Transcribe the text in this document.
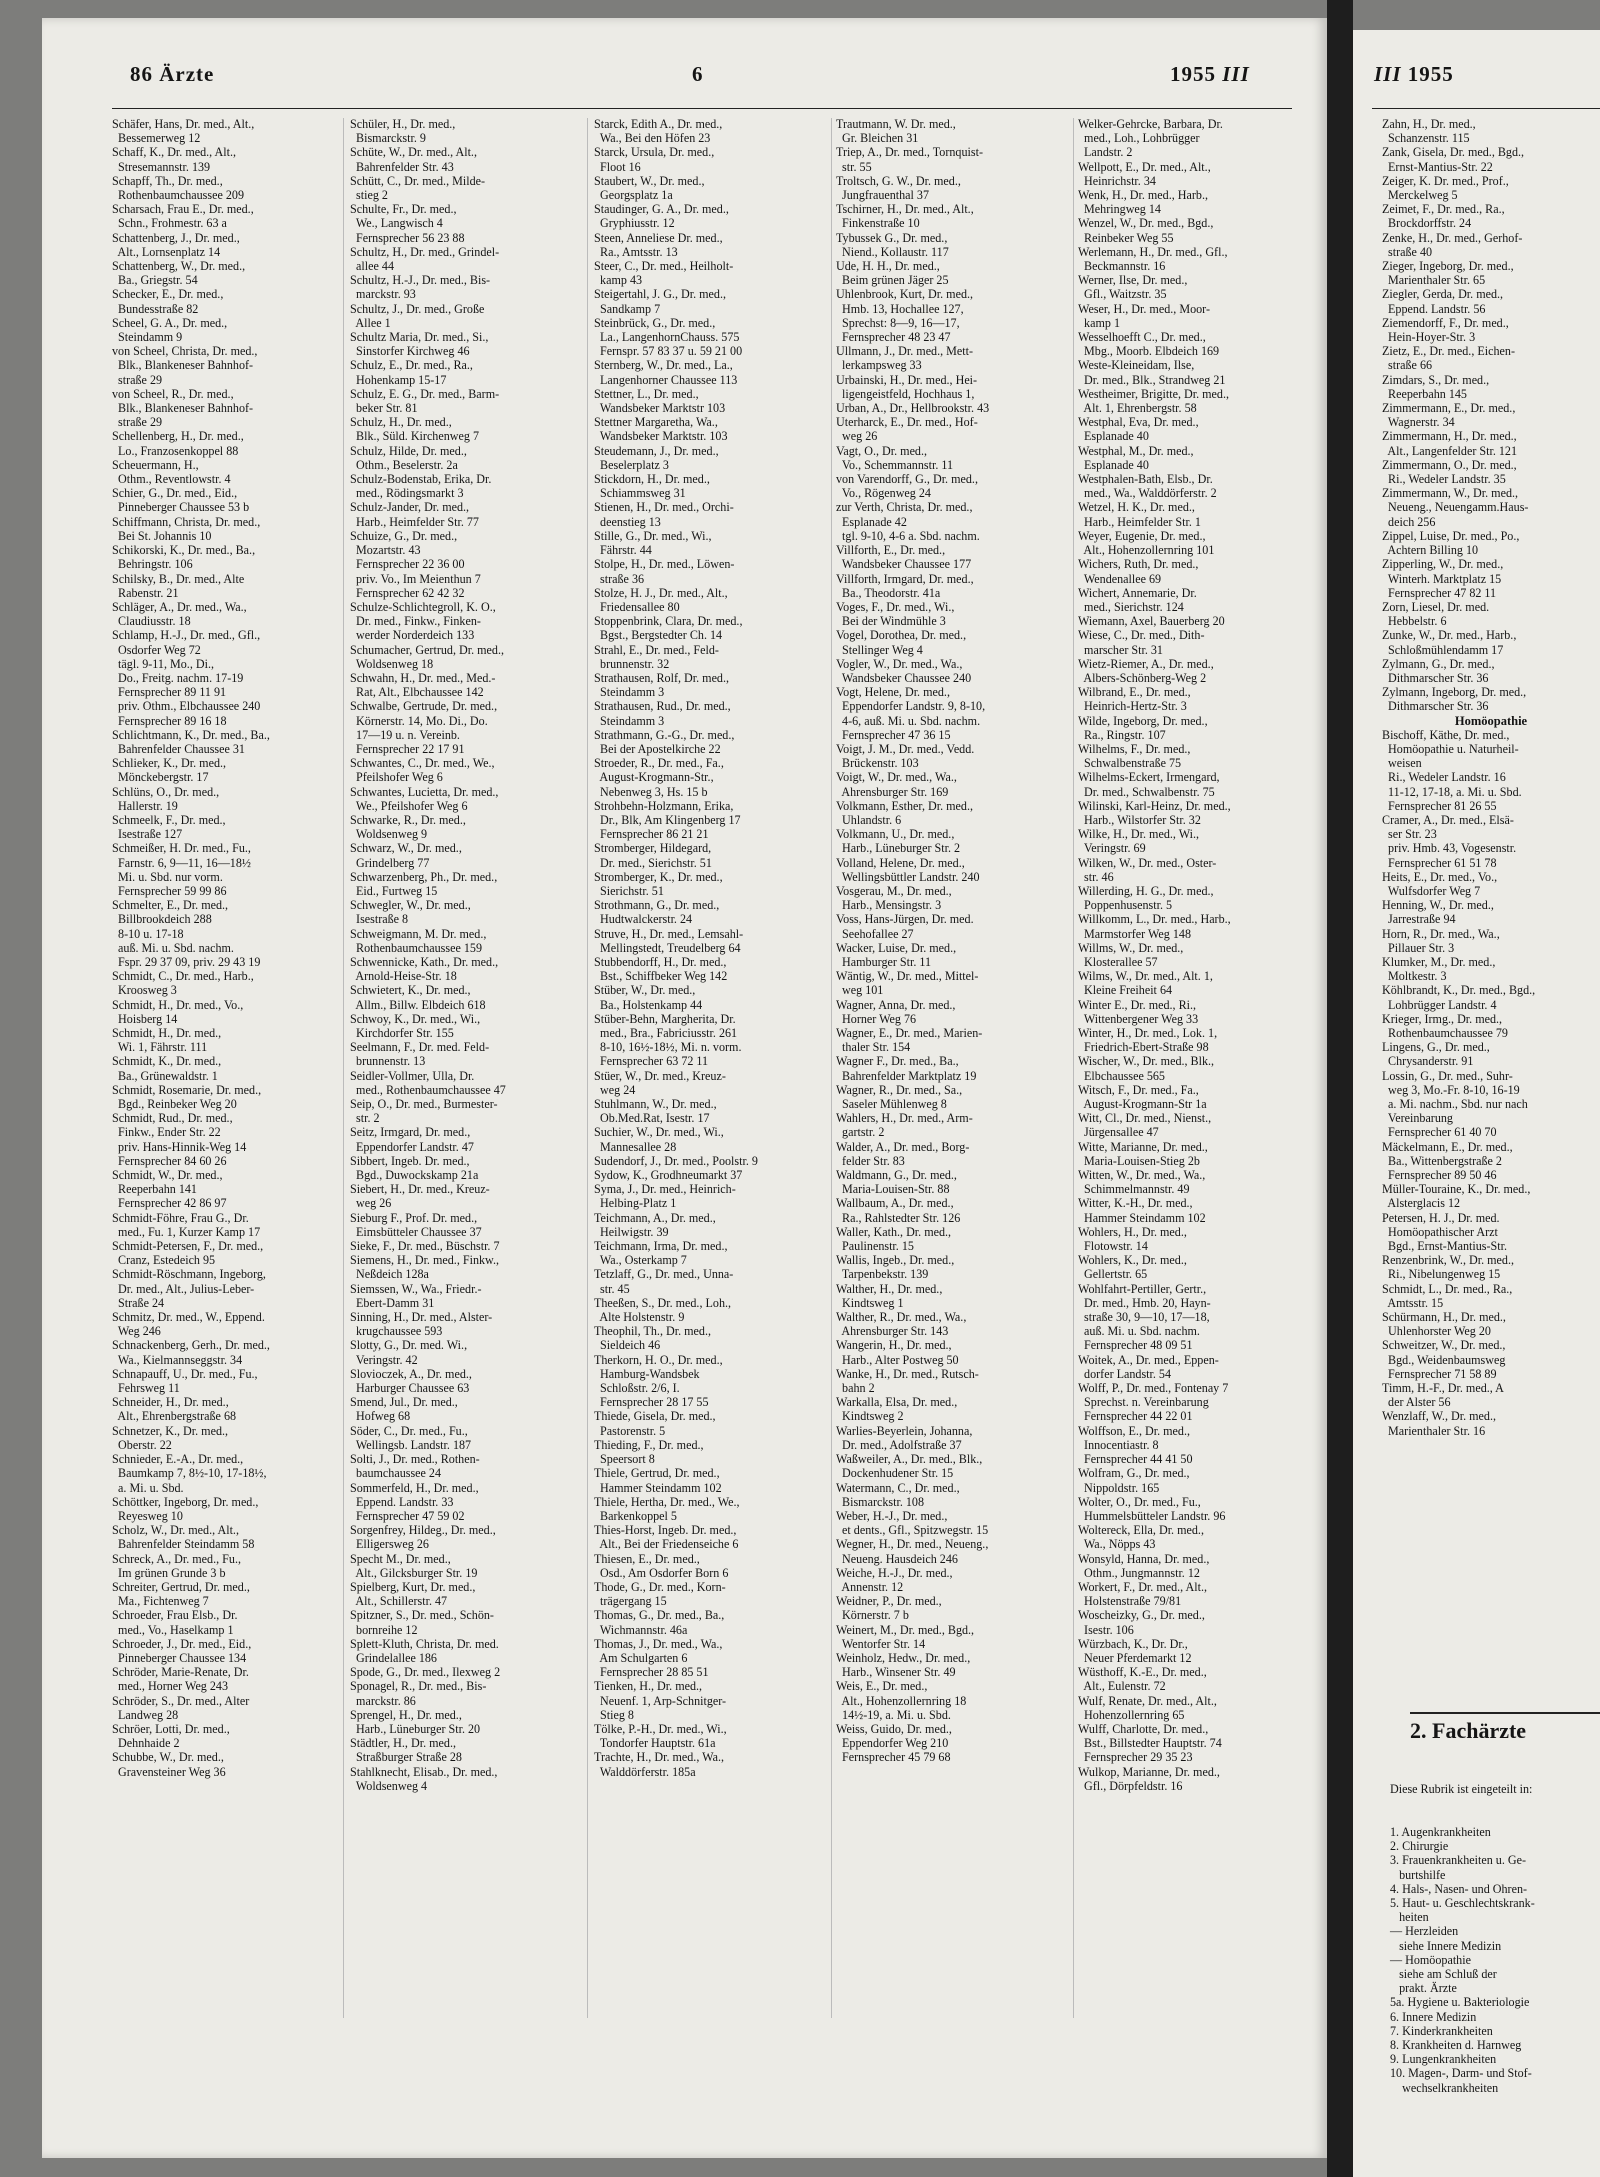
86 Ärzte	6	1955 III	III 1955
Schäfer, Hans, Dr. med., Alt.,
Bessemerweg 12
Schaff, K., Dr. med., Alt.,
Stresemannstr. 139
Schapff, Th., Dr. med.,
Rothenbaumchaussee 209
Scharsach, Frau E., Dr. med.,
Schn., Frohmestr. 63 a
Schattenberg, J., Dr. med.,
Alt., Lornsenplatz 14
Schattenberg, W., Dr. med.,
Ba., Griegstr. 54
Schecker, E., Dr. med.,
Bundesstraße 82
Scheel, G. A., Dr. med.,
Steindamm 9
von Scheel, Christa, Dr. med.,
Blk., Blankeneser Bahnhof-
straße 29
von Scheel, R., Dr. med.,
Blk., Blankeneser Bahnhof-
straße 29
Schellenberg, H., Dr. med.,
Lo., Franzosenkoppel 88
Scheuermann, H.,
Othm., Reventlowstr. 4
Schier, G., Dr. med., Eid.,
Pinneberger Chaussee 53 b
Schiffmann, Christa, Dr. med.,
Bei St. Johannis 10
Schikorski, K., Dr. med., Ba.,
Behringstr. 106
Schilsky, B., Dr. med., Alte
Rabenstr. 21
Schläger, A., Dr. med., Wa.,
Claudiusstr. 18
Schlamp, H.-J., Dr. med., Gfl.,
Osdorfer Weg 72
tägl. 9-11, Mo., Di.,
Do., Freitg. nachm. 17-19
Fernsprecher 89 11 91
priv. Othm., Elbchaussee 240
Fernsprecher 89 16 18
Schlichtmann, K., Dr. med., Ba.,
Bahrenfelder Chaussee 31
Schlieker, K., Dr. med.,
Mönckebergstr. 17
Schlüns, O., Dr. med.,
Hallerstr. 19
Schmeelk, F., Dr. med.,
Isestraße 127
Schmeißer, H. Dr. med., Fu.,
Farnstr. 6, 9—11, 16—18½
Mi. u. Sbd. nur vorm.
Fernsprecher 59 99 86
Schmelter, E., Dr. med.,
Billbrookdeich 288
8-10 u. 17-18
auß. Mi. u. Sbd. nachm.
Fspr. 29 37 09, priv. 29 43 19
Schmidt, C., Dr. med., Harb.,
Kroosweg 3
Schmidt, H., Dr. med., Vo.,
Hoisberg 14
Schmidt, H., Dr. med.,
Wi. 1, Fährstr. 111
Schmidt, K., Dr. med.,
Ba., Grünewaldstr. 1
Schmidt, Rosemarie, Dr. med.,
Bgd., Reinbeker Weg 20
Schmidt, Rud., Dr. med.,
Finkw., Ender Str. 22
priv. Hans-Hinnik-Weg 14
Fernsprecher 84 60 26
Schmidt, W., Dr. med.,
Reeperbahn 141
Fernsprecher 42 86 97
Schmidt-Föhre, Frau G., Dr.
med., Fu. 1, Kurzer Kamp 17
Schmidt-Petersen, F., Dr. med.,
Cranz, Estedeich 95
Schmidt-Röschmann, Ingeborg,
Dr. med., Alt., Julius-Leber-
Straße 24
Schmitz, Dr. med., W., Eppend.
Weg 246
Schnackenberg, Gerh., Dr. med.,
Wa., Kielmannseggstr. 34
Schnapauff, U., Dr. med., Fu.,
Fehrsweg 11
Schneider, H., Dr. med.,
Alt., Ehrenbergstraße 68
Schnetzer, K., Dr. med.,
Oberstr. 22
Schnieder, E.-A., Dr. med.,
Baumkamp 7, 8½-10, 17-18½,
a. Mi. u. Sbd.
Schöttker, Ingeborg, Dr. med.,
Reyesweg 10
Scholz, W., Dr. med., Alt.,
Bahrenfelder Steindamm 58
Schreck, A., Dr. med., Fu.,
Im grünen Grunde 3 b
Schreiter, Gertrud, Dr. med.,
Ma., Fichtenweg 7
Schroeder, Frau Elsb., Dr.
med., Vo., Haselkamp 1
Schroeder, J., Dr. med., Eid.,
Pinneberger Chaussee 134
Schröder, Marie-Renate, Dr.
med., Horner Weg 243
Schröder, S., Dr. med., Alter
Landweg 28
Schröer, Lotti, Dr. med.,
Dehnhaide 2
Schubbe, W., Dr. med.,
Gravensteiner Weg 36
Schüler, H., Dr. med.,
Bismarckstr. 9
Schüte, W., Dr. med., Alt.,
Bahrenfelder Str. 43
Schütt, C., Dr. med., Milde-
stieg 2
Schulte, Fr., Dr. med.,
We., Langwisch 4
Fernsprecher 56 23 88
Schultz, H., Dr. med., Grindel-
allee 44
Schultz, H.-J., Dr. med., Bis-
marckstr. 93
Schultz, J., Dr. med., Große
Allee 1
Schultz Maria, Dr. med., Si.,
Sinstorfer Kirchweg 46
Schulz, E., Dr. med., Ra.,
Hohenkamp 15-17
Schulz, E. G., Dr. med., Barm-
beker Str. 81
Schulz, H., Dr. med.,
Blk., Süld. Kirchenweg 7
Schulz, Hilde, Dr. med.,
Othm., Beselerstr. 2a
Schulz-Bodenstab, Erika, Dr.
med., Rödingsmarkt 3
Schulz-Jander, Dr. med.,
Harb., Heimfelder Str. 77
Schuize, G., Dr. med.,
Mozartstr. 43
Fernsprecher 22 36 00
priv. Vo., Im Meienthun 7
Fernsprecher 62 42 32
Schulze-Schlichtegroll, K. O.,
Dr. med., Finkw., Finken-
werder Norderdeich 133
Schumacher, Gertrud, Dr. med.,
Woldsenweg 18
Schwahn, H., Dr. med., Med.-
Rat, Alt., Elbchaussee 142
Schwalbe, Gertrude, Dr. med.,
Körnerstr. 14, Mo. Di., Do.
17—19 u. n. Vereinb.
Fernsprecher 22 17 91
Schwantes, C., Dr. med., We.,
Pfeilshofer Weg 6
Schwantes, Lucietta, Dr. med.,
We., Pfeilshofer Weg 6
Schwarke, R., Dr. med.,
Woldsenweg 9
Schwarz, W., Dr. med.,
Grindelberg 77
Schwarzenberg, Ph., Dr. med.,
Eid., Furtweg 15
Schwegler, W., Dr. med.,
Isestraße 8
Schweigmann, M. Dr. med.,
Rothenbaumchaussee 159
Schwennicke, Kath., Dr. med.,
Arnold-Heise-Str. 18
Schwietert, K., Dr. med.,
Allm., Billw. Elbdeich 618
Schwoy, K., Dr. med., Wi.,
Kirchdorfer Str. 155
Seelmann, F., Dr. med. Feld-
brunnenstr. 13
Seidler-Vollmer, Ulla, Dr.
med., Rothenbaumchaussee 47
Seip, O., Dr. med., Burmester-
str. 2
Seitz, Irmgard, Dr. med.,
Eppendorfer Landstr. 47
Sibbert, Ingeb. Dr. med.,
Bgd., Duwockskamp 21a
Siebert, H., Dr. med., Kreuz-
weg 26
Sieburg F., Prof. Dr. med.,
Eimsbütteler Chaussee 37
Sieke, F., Dr. med., Büschstr. 7
Siemens, H., Dr. med., Finkw.,
Neßdeich 128a
Siemssen, W., Wa., Friedr.-
Ebert-Damm 31
Sinning, H., Dr. med., Alster-
krugchaussee 593
Slotty, G., Dr. med. Wi.,
Veringstr. 42
Slovioczek, A., Dr. med.,
Harburger Chaussee 63
Smend, Jul., Dr. med.,
Hofweg 68
Söder, C., Dr. med., Fu.,
Wellingsb. Landstr. 187
Solti, J., Dr. med., Rothen-
baumchaussee 24
Sommerfeld, H., Dr. med.,
Eppend. Landstr. 33
Fernsprecher 47 59 02
Sorgenfrey, Hildeg., Dr. med.,
Elligersweg 26
Specht M., Dr. med.,
Alt., Gilcksburger Str. 19
Spielberg, Kurt, Dr. med.,
Alt., Schillerstr. 47
Spitzner, S., Dr. med., Schön-
bornreihe 12
Splett-Kluth, Christa, Dr. med.
Grindelallee 186
Spode, G., Dr. med., Ilexweg 2
Sponagel, R., Dr. med., Bis-
marckstr. 86
Sprengel, H., Dr. med.,
Harb., Lüneburger Str. 20
Städtler, H., Dr. med.,
Straßburger Straße 28
Stahlknecht, Elisab., Dr. med.,
Woldsenweg 4
Starck, Edith A., Dr. med.,
Wa., Bei den Höfen 23
Starck, Ursula, Dr. med.,
Floot 16
Staubert, W., Dr. med.,
Georgsplatz 1a
Staudinger, G. A., Dr. med.,
Gryphiusstr. 12
Steen, Anneliese Dr. med.,
Ra., Amtsstr. 13
Steer, C., Dr. med., Heilholt-
kamp 43
Steigertahl, J. G., Dr. med.,
Sandkamp 7
Steinbrück, G., Dr. med.,
La., LangenhornChauss. 575
Fernspr. 57 83 37 u. 59 21 00
Sternberg, W., Dr. med., La.,
Langenhorner Chaussee 113
Stettner, L., Dr. med.,
Wandsbeker Marktstr 103
Stettner Margaretha, Wa.,
Wandsbeker Marktstr. 103
Steudemann, J., Dr. med.,
Beselerplatz 3
Stickdorn, H., Dr. med.,
Schiammsweg 31
Stienen, H., Dr. med., Orchi-
deenstieg 13
Stille, G., Dr. med., Wi.,
Fährstr. 44
Stolpe, H., Dr. med., Löwen-
straße 36
Stolze, H. J., Dr. med., Alt.,
Friedensallee 80
Stoppenbrink, Clara, Dr. med.,
Bgst., Bergstedter Ch. 14
Strahl, E., Dr. med., Feld-
brunnenstr. 32
Strathausen, Rolf, Dr. med.,
Steindamm 3
Strathausen, Rud., Dr. med.,
Steindamm 3
Strathmann, G.-G., Dr. med.,
Bei der Apostelkirche 22
Stroeder, R., Dr. med., Fa.,
August-Krogmann-Str.,
Nebenweg 3, Hs. 15 b
Strohbehn-Holzmann, Erika,
Dr., Blk, Am Klingenberg 17
Fernsprecher 86 21 21
Stromberger, Hildegard,
Dr. med., Sierichstr. 51
Stromberger, K., Dr. med.,
Sierichstr. 51
Strothmann, G., Dr. med.,
Hudtwalckerstr. 24
Struve, H., Dr. med., Lemsahl-
Mellingstedt, Treudelberg 64
Stubbendorff, H., Dr. med.,
Bst., Schiffbeker Weg 142
Stüber, W., Dr. med.,
Ba., Holstenkamp 44
Stüber-Behn, Margherita, Dr.
med., Bra., Fabriciusstr. 261
8-10, 16½-18½, Mi. n. vorm.
Fernsprecher 63 72 11
Stüer, W., Dr. med., Kreuz-
weg 24
Stuhlmann, W., Dr. med.,
Ob.Med.Rat, Isestr. 17
Suchier, W., Dr. med., Wi.,
Mannesallee 28
Sudendorf, J., Dr. med., Poolstr. 9
Sydow, K., Grodhneumarkt 37
Syma, J., Dr. med., Heinrich-
Helbing-Platz 1
Teichmann, A., Dr. med.,
Heilwigstr. 39
Teichmann, Irma, Dr. med.,
Wa., Osterkamp 7
Tetzlaff, G., Dr. med., Unna-
str. 45
Theeßen, S., Dr. med., Loh.,
Alte Holstenstr. 9
Theophil, Th., Dr. med.,
Sieldeich 46
Therkorn, H. O., Dr. med.,
Hamburg-Wandsbek
Schloßstr. 2/6, I.
Fernsprecher 28 17 55
Thiede, Gisela, Dr. med.,
Pastorenstr. 5
Thieding, F., Dr. med.,
Speersort 8
Thiele, Gertrud, Dr. med.,
Hammer Steindamm 102
Thiele, Hertha, Dr. med., We.,
Barkenkoppel 5
Thies-Horst, Ingeb. Dr. med.,
Alt., Bei der Friedenseiche 6
Thiesen, E., Dr. med.,
Osd., Am Osdorfer Born 6
Thode, G., Dr. med., Korn-
trägergang 15
Thomas, G., Dr. med., Ba.,
Wichmannstr. 46a
Thomas, J., Dr. med., Wa.,
Am Schulgarten 6
Fernsprecher 28 85 51
Tienken, H., Dr. med.,
Neuenf. 1, Arp-Schnitger-
Stieg 8
Tölke, P.-H., Dr. med., Wi.,
Tondorfer Hauptstr. 61a
Trachte, H., Dr. med., Wa.,
Walddörferstr. 185a
Trautmann, W. Dr. med.,
Gr. Bleichen 31
Triep, A., Dr. med., Tornquist-
str. 55
Troltsch, G. W., Dr. med.,
Jungfrauenthal 37
Tschirner, H., Dr. med., Alt.,
Finkenstraße 10
Tybussek G., Dr. med.,
Niend., Kollaustr. 117
Ude, H. H., Dr. med.,
Beim grünen Jäger 25
Uhlenbrook, Kurt, Dr. med.,
Hmb. 13, Hochallee 127,
Sprechst: 8—9, 16—17,
Fernsprecher 48 23 47
Ullmann, J., Dr. med., Mett-
lerkampsweg 33
Urbainski, H., Dr. med., Hei-
ligengeistfeld, Hochhaus 1,
Urban, A., Dr., Hellbrookstr. 43
Uterharck, E., Dr. med., Hof-
weg 26
Vagt, O., Dr. med.,
Vo., Schemmannstr. 11
von Varendorff, G., Dr. med.,
Vo., Rögenweg 24
zur Verth, Christa, Dr. med.,
Esplanade 42
tgl. 9-10, 4-6 a. Sbd. nachm.
Villforth, E., Dr. med.,
Wandsbeker Chaussee 177
Villforth, Irmgard, Dr. med.,
Ba., Theodorstr. 41a
Voges, F., Dr. med., Wi.,
Bei der Windmühle 3
Vogel, Dorothea, Dr. med.,
Stellinger Weg 4
Vogler, W., Dr. med., Wa.,
Wandsbeker Chaussee 240
Vogt, Helene, Dr. med.,
Eppendorfer Landstr. 9, 8-10,
4-6, auß. Mi. u. Sbd. nachm.
Fernsprecher 47 36 15
Voigt, J. M., Dr. med., Vedd.
Brückenstr. 103
Voigt, W., Dr. med., Wa.,
Ahrensburger Str. 169
Volkmann, Esther, Dr. med.,
Uhlandstr. 6
Volkmann, U., Dr. med.,
Harb., Lüneburger Str. 2
Volland, Helene, Dr. med.,
Wellingsbüttler Landstr. 240
Vosgerau, M., Dr. med.,
Harb., Mensingstr. 3
Voss, Hans-Jürgen, Dr. med.
Seehofallee 27
Wacker, Luise, Dr. med.,
Hamburger Str. 11
Wäntig, W., Dr. med., Mittel-
weg 101
Wagner, Anna, Dr. med.,
Horner Weg 76
Wagner, E., Dr. med., Marien-
thaler Str. 154
Wagner F., Dr. med., Ba.,
Bahrenfelder Marktplatz 19
Wagner, R., Dr. med., Sa.,
Saseler Mühlenweg 8
Wahlers, H., Dr. med., Arm-
gartstr. 2
Walder, A., Dr. med., Borg-
felder Str. 83
Waldmann, G., Dr. med.,
Maria-Louisen-Str. 88
Wallbaum, A., Dr. med.,
Ra., Rahlstedter Str. 126
Waller, Kath., Dr. med.,
Paulinenstr. 15
Wallis, Ingeb., Dr. med.,
Tarpenbekstr. 139
Walther, H., Dr. med.,
Kindtsweg 1
Walther, R., Dr. med., Wa.,
Ahrensburger Str. 143
Wangerin, H., Dr. med.,
Harb., Alter Postweg 50
Wanke, H., Dr. med., Rutsch-
bahn 2
Warkalla, Elsa, Dr. med.,
Kindtsweg 2
Warlies-Beyerlein, Johanna,
Dr. med., Adolfstraße 37
Waßweiler, A., Dr. med., Blk.,
Dockenhudener Str. 15
Watermann, C., Dr. med.,
Bismarckstr. 108
Weber, H.-J., Dr. med.,
et dents., Gfl., Spitzwegstr. 15
Wegner, H., Dr. med., Neueng.,
Neueng. Hausdeich 246
Weiche, H.-J., Dr. med.,
Annenstr. 12
Weidner, P., Dr. med.,
Körnerstr. 7 b
Weinert, M., Dr. med., Bgd.,
Wentorfer Str. 14
Weinholz, Hedw., Dr. med.,
Harb., Winsener Str. 49
Weis, E., Dr. med.,
Alt., Hohenzollernring 18
14½-19, a. Mi. u. Sbd.
Weiss, Guido, Dr. med.,
Eppendorfer Weg 210
Fernsprecher 45 79 68
Welker-Gehrcke, Barbara, Dr.
med., Loh., Lohbrügger
Landstr. 2
Wellpott, E., Dr. med., Alt.,
Heinrichstr. 34
Wenk, H., Dr. med., Harb.,
Mehringweg 14
Wenzel, W., Dr. med., Bgd.,
Reinbeker Weg 55
Werlemann, H., Dr. med., Gfl.,
Beckmannstr. 16
Werner, Ilse, Dr. med.,
Gfl., Waitzstr. 35
Weser, H., Dr. med., Moor-
kamp 1
Wesselhoefft C., Dr. med.,
Mbg., Moorb. Elbdeich 169
Weste-Kleineidam, Ilse,
Dr. med., Blk., Strandweg 21
Westheimer, Brigitte, Dr. med.,
Alt. 1, Ehrenbergstr. 58
Westphal, Eva, Dr. med.,
Esplanade 40
Westphal, M., Dr. med.,
Esplanade 40
Westphalen-Bath, Elsb., Dr.
med., Wa., Walddörferstr. 2
Wetzel, H. K., Dr. med.,
Harb., Heimfelder Str. 1
Weyer, Eugenie, Dr. med.,
Alt., Hohenzollernring 101
Wichers, Ruth, Dr. med.,
Wendenallee 69
Wichert, Annemarie, Dr.
med., Sierichstr. 124
Wiemann, Axel, Bauerberg 20
Wiese, C., Dr. med., Dith-
marscher Str. 31
Wietz-Riemer, A., Dr. med.,
Albers-Schönberg-Weg 2
Wilbrand, E., Dr. med.,
Heinrich-Hertz-Str. 3
Wilde, Ingeborg, Dr. med.,
Ra., Ringstr. 107
Wilhelms, F., Dr. med.,
Schwalbenstraße 75
Wilhelms-Eckert, Irmengard,
Dr. med., Schwalbenstr. 75
Wilinski, Karl-Heinz, Dr. med.,
Harb., Wilstorfer Str. 32
Wilke, H., Dr. med., Wi.,
Veringstr. 69
Wilken, W., Dr. med., Oster-
str. 46
Willerding, H. G., Dr. med.,
Poppenhusenstr. 5
Willkomm, L., Dr. med., Harb.,
Marmstorfer Weg 148
Willms, W., Dr. med.,
Klosterallee 57
Wilms, W., Dr. med., Alt. 1,
Kleine Freiheit 64
Winter E., Dr. med., Ri.,
Wittenbergener Weg 33
Winter, H., Dr. med., Lok. 1,
Friedrich-Ebert-Straße 98
Wischer, W., Dr. med., Blk.,
Elbchaussee 565
Witsch, F., Dr. med., Fa.,
August-Krogmann-Str 1a
Witt, Cl., Dr. med., Nienst.,
Jürgensallee 47
Witte, Marianne, Dr. med.,
Maria-Louisen-Stieg 2b
Witten, W., Dr. med., Wa.,
Schimmelmannstr. 49
Witter, K.-H., Dr. med.,
Hammer Steindamm 102
Wohlers, H., Dr. med.,
Flotowstr. 14
Wohlers, K., Dr. med.,
Gellertstr. 65
Wohlfahrt-Pertiller, Gertr.,
Dr. med., Hmb. 20, Hayn-
straße 30, 9—10, 17—18,
auß. Mi. u. Sbd. nachm.
Fernsprecher 48 09 51
Woitek, A., Dr. med., Eppen-
dorfer Landstr. 54
Wolff, P., Dr. med., Fontenay 7
Sprechst. n. Vereinbarung
Fernsprecher 44 22 01
Wolffson, E., Dr. med.,
Innocentiastr. 8
Fernsprecher 44 41 50
Wolfram, G., Dr. med.,
Nippoldstr. 165
Wolter, O., Dr. med., Fu.,
Hummelsbütteler Landstr. 96
Woltereck, Ella, Dr. med.,
Wa., Nöpps 43
Wonsyld, Hanna, Dr. med.,
Othm., Jungmannstr. 12
Workert, F., Dr. med., Alt.,
Holstenstraße 79/81
Woscheizky, G., Dr. med.,
Isestr. 106
Würzbach, K., Dr. Dr.,
Neuer Pferdemarkt 12
Wüsthoff, K.-E., Dr. med.,
Alt., Eulenstr. 72
Wulf, Renate, Dr. med., Alt.,
Hohenzollernring 65
Wulff, Charlotte, Dr. med.,
Bst., Billstedter Hauptstr. 74
Fernsprecher 29 35 23
Wulkop, Marianne, Dr. med.,
Gfl., Dörpfeldstr. 16
Zahn, H., Dr. med.,
Schanzenstr. 115
Zank, Gisela, Dr. med., Bgd.,
Ernst-Mantius-Str. 22
Zeiger, K. Dr. med., Prof.,
Merckelweg 5
Zeimet, F., Dr. med., Ra.,
Brockdorffstr. 24
Zenke, H., Dr. med., Gerhof-
straße 40
Zieger, Ingeborg, Dr. med.,
Marienthaler Str. 65
Ziegler, Gerda, Dr. med.,
Eppend. Landstr. 56
Ziemendorff, F., Dr. med.,
Hein-Hoyer-Str. 3
Zietz, E., Dr. med., Eichen-
straße 66
Zimdars, S., Dr. med.,
Reeperbahn 145
Zimmermann, E., Dr. med.,
Wagnerstr. 34
Zimmermann, H., Dr. med.,
Alt., Langenfelder Str. 121
Zimmermann, O., Dr. med.,
Ri., Wedeler Landstr. 35
Zimmermann, W., Dr. med.,
Neueng., Neuengamm.Haus-
deich 256
Zippel, Luise, Dr. med., Po.,
Achtern Billing 10
Zipperling, W., Dr. med.,
Winterh. Marktplatz 15
Fernsprecher 47 82 11
Zorn, Liesel, Dr. med.
Hebbelstr. 6
Zunke, W., Dr. med., Harb.,
Schloßmühlendamm 17
Zylmann, G., Dr. med.,
Dithmarscher Str. 36
Zylmann, Ingeborg, Dr. med.,
Dithmarscher Str. 36
Homöopathie
Bischoff, Käthe, Dr. med.,
Homöopathie u. Naturheil-
weisen
Ri., Wedeler Landstr. 16
11-12, 17-18, a. Mi. u. Sbd.
Fernsprecher 81 26 55
Cramer, A., Dr. med., Elsä-
ser Str. 23
priv. Hmb. 43, Vogesenstr.
Fernsprecher 61 51 78
Heits, E., Dr. med., Vo.,
Wulfsdorfer Weg 7
Henning, W., Dr. med.,
Jarrestraße 94
Horn, R., Dr. med., Wa.,
Pillauer Str. 3
Klumker, M., Dr. med.,
Moltkestr. 3
Köhlbrandt, K., Dr. med., Bgd.,
Lohbrügger Landstr. 4
Krieger, Irmg., Dr. med.,
Rothenbaumchaussee 79
Lingens, G., Dr. med.,
Chrysanderstr. 91
Lossin, G., Dr. med., Suhr-
weg 3, Mo.-Fr. 8-10, 16-19
a. Mi. nachm., Sbd. nur nach
Vereinbarung
Fernsprecher 61 40 70
Mäckelmann, E., Dr. med.,
Ba., Wittenbergstraße 2
Fernsprecher 89 50 46
Müller-Touraine, K., Dr. med.,
Alsterglacis 12
Petersen, H. J., Dr. med.
Homöopathischer Arzt
Bgd., Ernst-Mantius-Str.
Renzenbrink, W., Dr. med.,
Ri., Nibelungenweg 15
Schmidt, L., Dr. med., Ra.,
Amtsstr. 15
Schürmann, H., Dr. med.,
Uhlenhorster Weg 20
Schweitzer, W., Dr. med.,
Bgd., Weidenbaumsweg
Fernsprecher 71 58 89
Timm, H.-F., Dr. med., A
der Alster 56
Wenzlaff, W., Dr. med.,
Marienthaler Str. 16
2. Fachärzte

Diese Rubrik ist eingeteilt in:

1. Augenkrankheiten
2. Chirurgie
3. Frauenkrankheiten u. Ge-
burtshilfe
4. Hals-, Nasen- und Ohren-
5. Haut- u. Geschlechtskrank-
heiten
— Herzleiden
siehe Innere Medizin
— Homöopathie
siehe am Schluß der
prakt. Ärzte
5a. Hygiene u. Bakteriologie
6. Innere Medizin
7. Kinderkrankheiten
8. Krankheiten d. Harnweg
9. Lungenkrankheiten
10. Magen-, Darm- und Stof-
wechselkrankheiten
